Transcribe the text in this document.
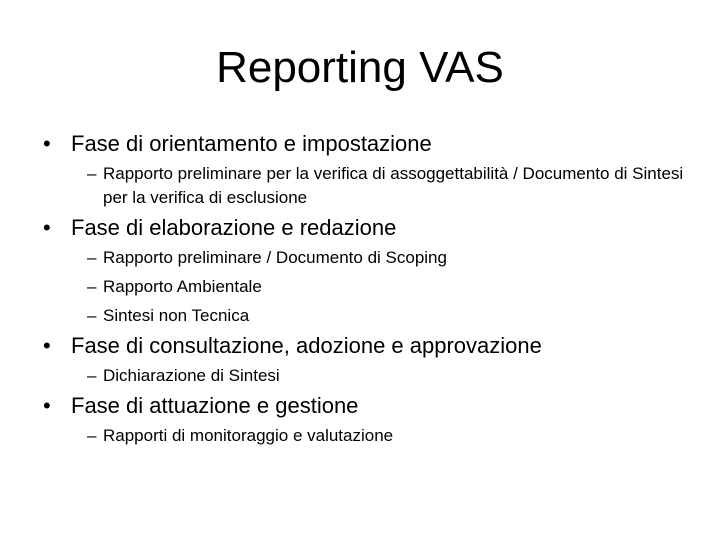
Reporting VAS
• Fase di orientamento e impostazione
– Rapporto preliminare per la verifica di assoggettabilità / Documento di Sintesi per la verifica di esclusione
• Fase di elaborazione e redazione
– Rapporto preliminare / Documento di Scoping
– Rapporto Ambientale
– Sintesi non Tecnica
• Fase di consultazione, adozione e approvazione
– Dichiarazione di Sintesi
• Fase di attuazione e gestione
– Rapporti di monitoraggio e valutazione
